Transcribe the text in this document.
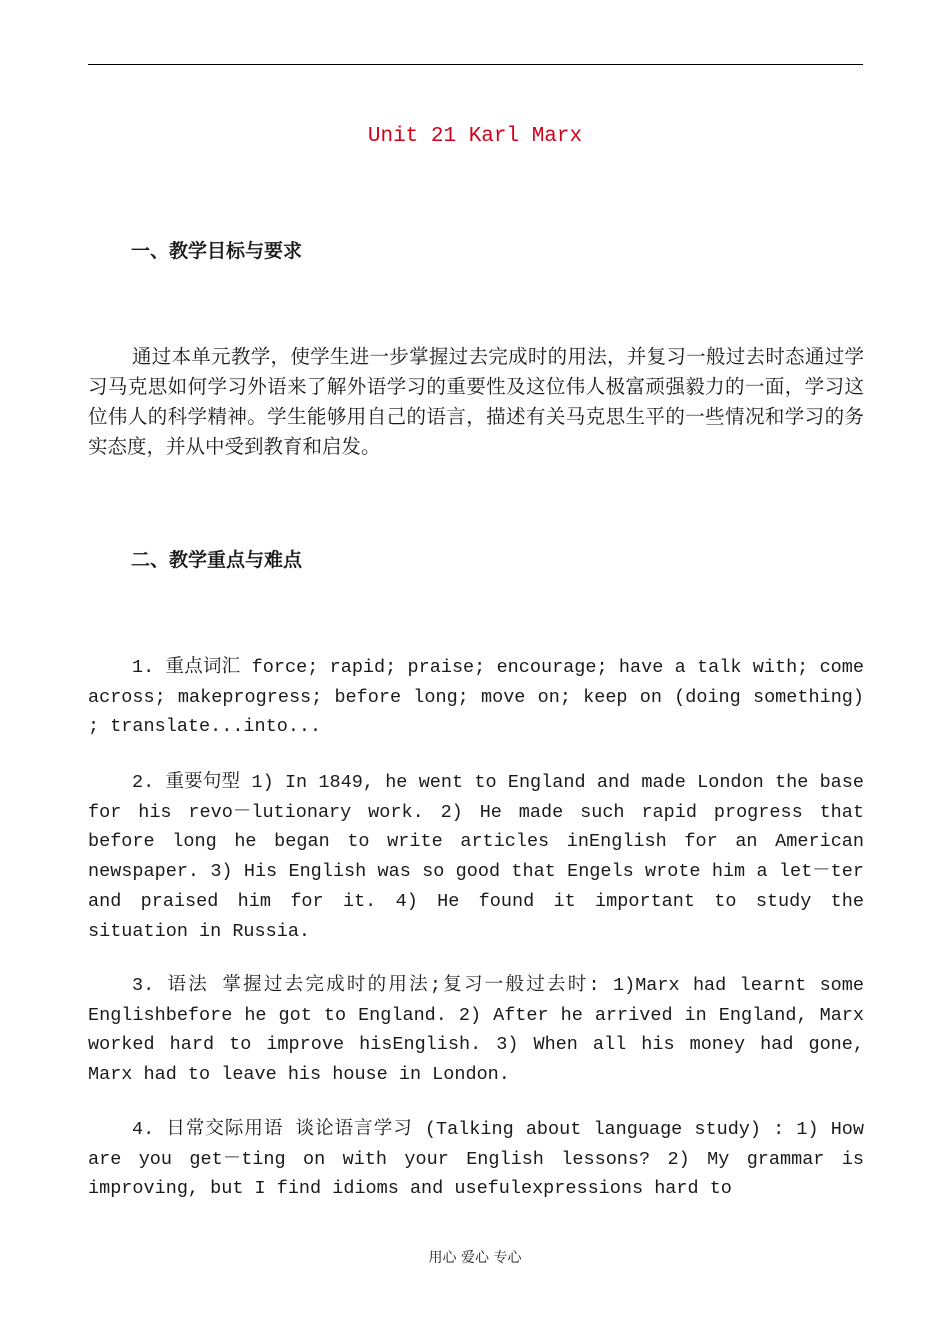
Unit 21 Karl Marx
一、教学目标与要求

通过本单元教学，使学生进一步掌握过去完成时的用法，并复习一般过去时态通过学习马克思如何学习外语来了解外语学习的重要性及这位伟人极富顽强毅力的一面，学习这位伟人的科学精神。学生能够用自己的语言，描述有关马克思生平的一些情况和学习的务实态度，并从中受到教育和启发。

二、教学重点与难点

1. 重点词汇 force; rapid; praise; encourage; have a talk with; come across; makeprogress; before long; move on; keep on (doing something) ; translate...into...

2. 重要句型 1) In 1849, he went to England and made London the base for his revo－lutionary work. 2) He made such rapid progress that before long he began to write articles inEnglish for an American newspaper. 3) His English was so good that Engels wrote him a let－ter and praised him for it. 4) He found it important to study the situation in Russia.

3. 语法 掌握过去完成时的用法;复习一般过去时: 1)Marx had learnt some Englishbefore he got to England. 2) After he arrived in England, Marx worked hard to improve hisEnglish. 3) When all his money had gone, Marx had to leave his house in London.

4. 日常交际用语 谈论语言学习 (Talking about language study) : 1) How are you get－ting on with your English lessons? 2) My grammar is improving, but I find idioms and usefulexpressions hard to

用心 爱心 专心
